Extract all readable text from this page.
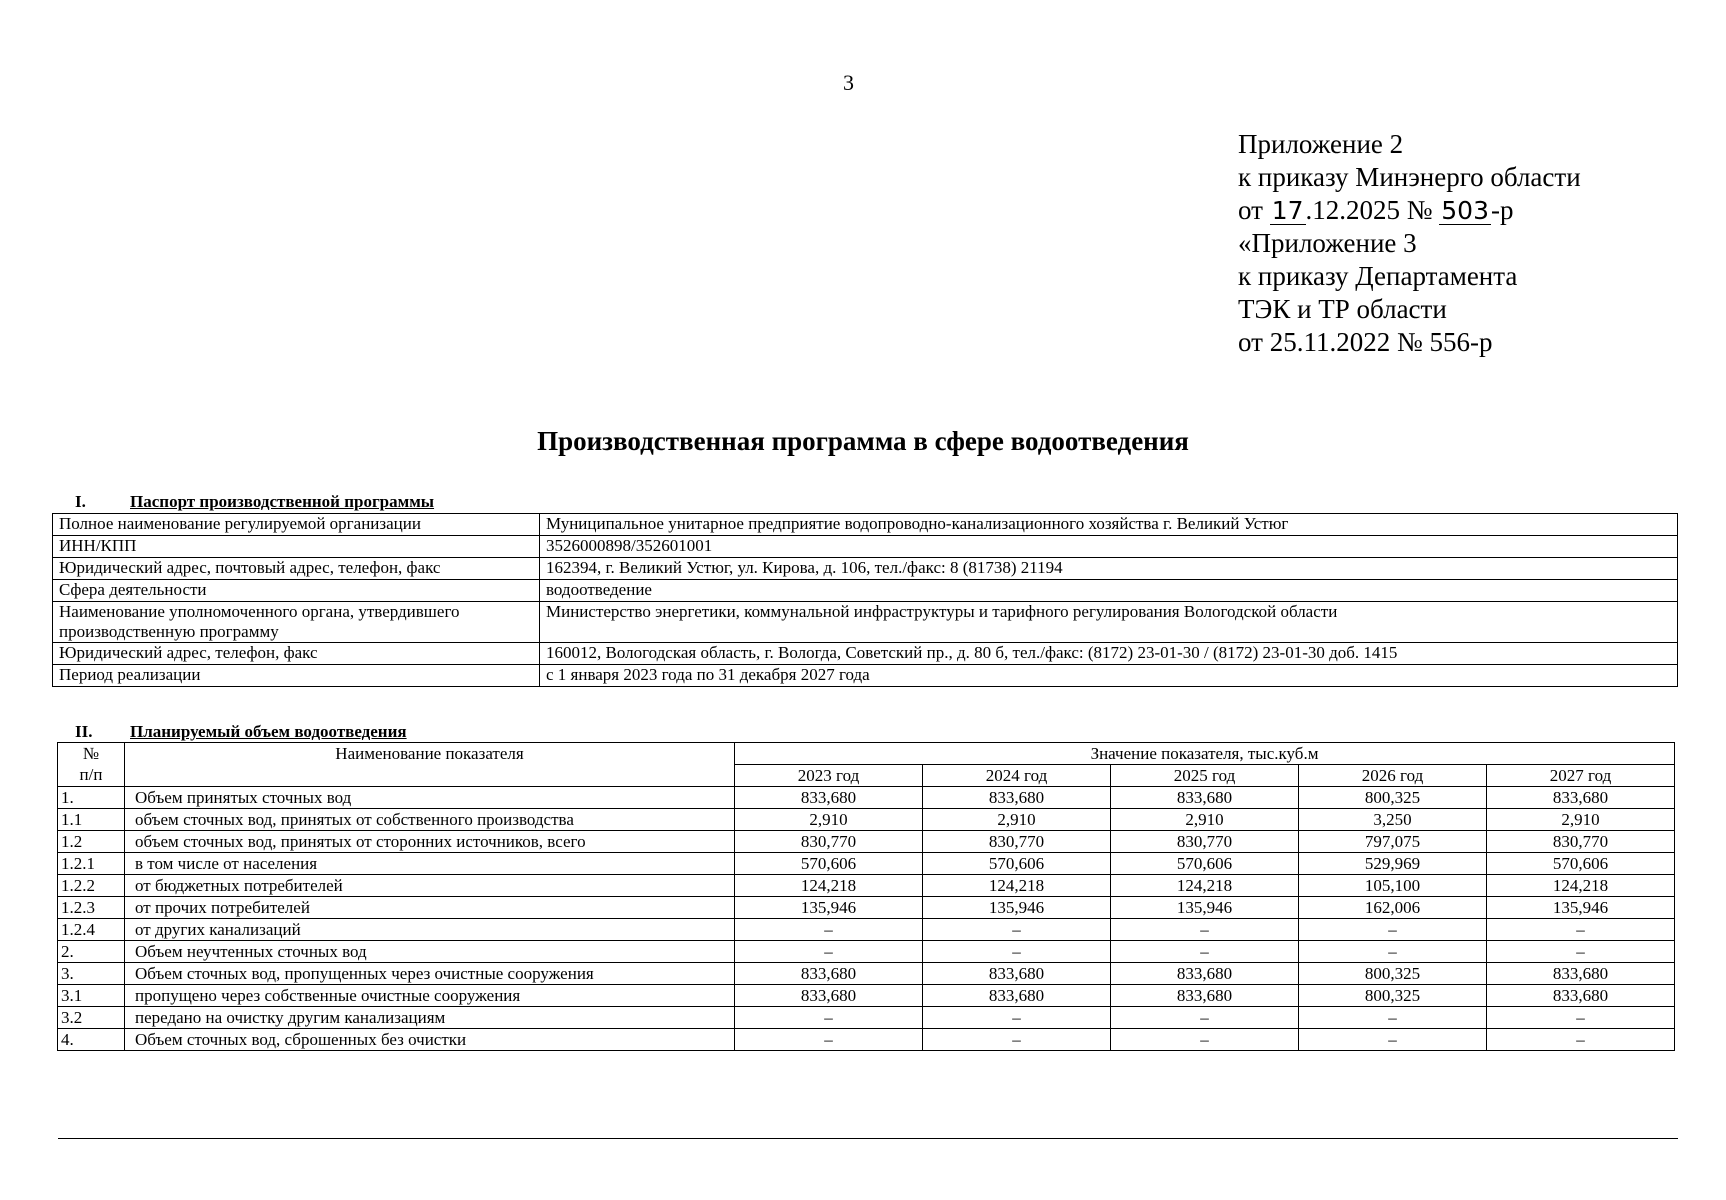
3
Приложение 2
к приказу Минэнерго области
от 17.12.2025 № 503-р
«Приложение 3
к приказу Департамента
ТЭК и ТР области
от 25.11.2022 № 556-р
Производственная программа в сфере водоотведения
I.	Паспорт производственной программы
Полное наименование регулируемой организации	Муниципальное унитарное предприятие водопроводно-канализационного хозяйства г. Великий Устюг
ИНН/КПП	3526000898/352601001
Юридический адрес, почтовый адрес, телефон, факс	162394, г. Великий Устюг, ул. Кирова, д. 106, тел./факс: 8 (81738) 21194
Сфера деятельности	водоотведение
Наименование уполномоченного органа, утвердившего производственную программу	Министерство энергетики, коммунальной инфраструктуры и тарифного регулирования Вологодской области
Юридический адрес, телефон, факс	160012, Вологодская область, г. Вологда, Советский пр., д. 80 б, тел./факс: (8172) 23-01-30 / (8172) 23-01-30 доб. 1415
Период реализации	с 1 января 2023 года по 31 декабря 2027 года
II. Планируемый объем водоотведения
№
п/п	Наименование показателя	Значение показателя, тыс.куб.м				
		2023 год	2024 год	2025 год	2026 год	2027 год
1.	Объем принятых сточных вод	833,680	833,680	833,680	800,325	833,680
1.1	объем сточных вод, принятых от собственного производства	2,910	2,910	2,910	3,250	2,910
1.2	объем сточных вод, принятых от сторонних источников, всего	830,770	830,770	830,770	797,075	830,770
1.2.1	в том числе от населения	570,606	570,606	570,606	529,969	570,606
1.2.2	от бюджетных потребителей	124,218	124,218	124,218	105,100	124,218
1.2.3	от прочих потребителей	135,946	135,946	135,946	162,006	135,946
1.2.4	от других канализаций	–	–	–	–	–
2.	Объем неучтенных сточных вод	–	–	–	–	–
3.	Объем сточных вод, пропущенных через очистные сооружения	833,680	833,680	833,680	800,325	833,680
3.1	пропущено через собственные очистные сооружения	833,680	833,680	833,680	800,325	833,680
3.2	передано на очистку другим канализациям	–	–	–	–	–
4.	Объем сточных вод, сброшенных без очистки	–	–	–	–	–
